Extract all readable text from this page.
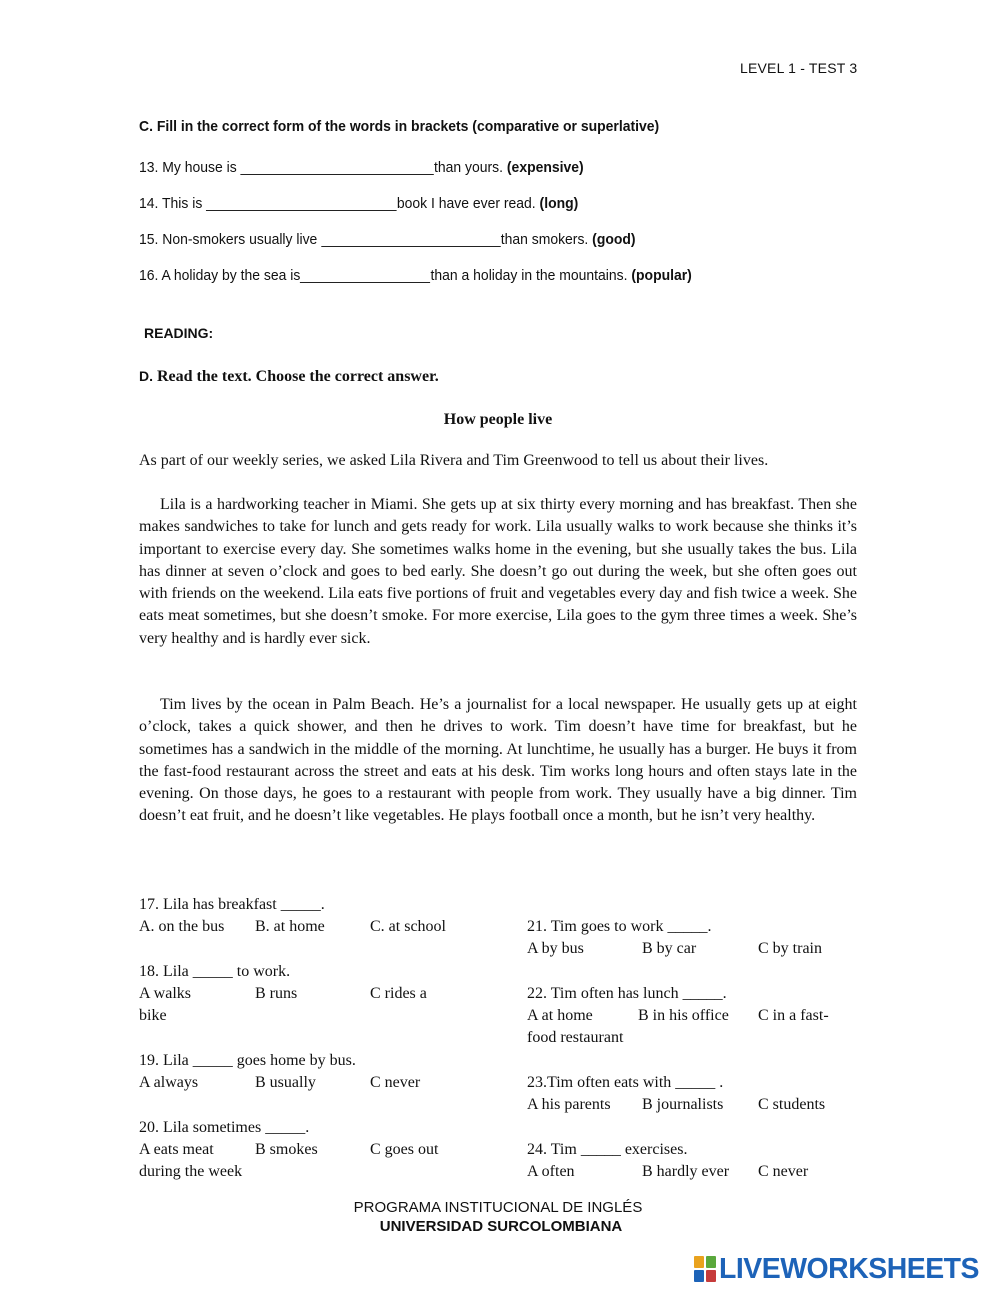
LEVEL 1 - TEST 3
C. Fill in the correct form of the words in brackets (comparative or superlative)
13. My house is	than yours. (expensive)
14. This is	book I have ever read. (long)
15. Non-smokers usually live	than smokers. (good)
16. A holiday by the sea is	than a holiday in the mountains. (popular)
READING:
D. Read the text. Choose the correct answer.
How people live
As part of our weekly series, we asked Lila Rivera and Tim Greenwood to tell us about their lives.

Lila is a hardworking teacher in Miami. She gets up at six thirty every morning and has breakfast. Then she makes sandwiches to take for lunch and gets ready for work. Lila usually walks to work because she thinks it’s important to exercise every day. She sometimes walks home in the evening, but she usually takes the bus. Lila has dinner at seven o’clock and goes to bed early. She doesn’t go out during the week, but she often goes out with friends on the weekend. Lila eats five portions of fruit and vegetables every day and fish twice a week. She eats meat sometimes, but she doesn’t smoke. For more exercise, Lila goes to the gym three times a week. She’s very healthy and is hardly ever sick.

Tim lives by the ocean in Palm Beach. He’s a journalist for a local newspaper. He usually gets up at eight o’clock, takes a quick shower, and then he drives to work. Tim doesn’t have time for breakfast, but he sometimes has a sandwich in the middle of the morning. At lunchtime, he usually has a burger. He buys it from the fast-food restaurant across the street and eats at his desk. Tim works long hours and often stays late in the evening. On those days, he goes to a restaurant with people from work. They usually have a big dinner. Tim doesn’t eat fruit, and he doesn’t like vegetables. He plays football once a month, but he isn’t very healthy.

17. Lila has breakfast _____.
A. on the bus B. at home	C. at school
18. Lila _____ to work.
A walks	B runs	C rides a
bike
19. Lila _____ goes home by bus.
A always	B usually	C never
20. Lila sometimes _____.
A eats meat	B smokes	C goes out
during the week
21. Tim goes to work _____.
A by bus	B by car	C by train
22. Tim often has lunch _____.
A at home	B in his office C in a fast-
food restaurant
23.Tim often eats with _____ .
A his parents B journalists C students
24. Tim _____ exercises.
A often	B hardly ever C never
PROGRAMA INSTITUCIONAL DE INGLÉS
UNIVERSIDAD SURCOLOMBIANA
LIVEWORKSHEETS
